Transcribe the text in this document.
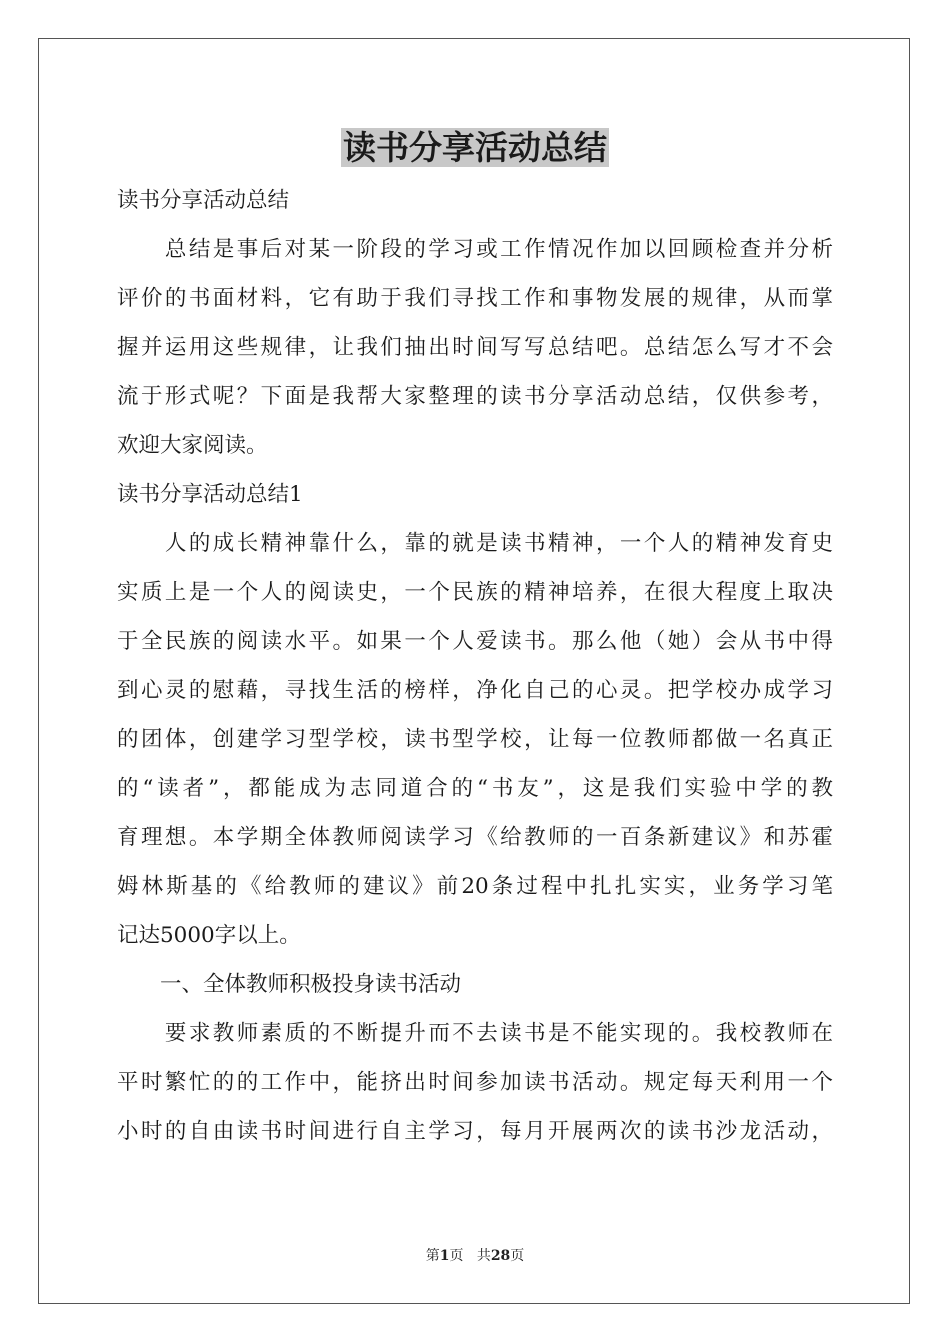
读书分享活动总结
读书分享活动总结
　　总结是事后对某一阶段的学习或工作情况作加以回顾检查并分析
评价的书面材料，它有助于我们寻找工作和事物发展的规律，从而掌
握并运用这些规律，让我们抽出时间写写总结吧。总结怎么写才不会
流于形式呢？下面是我帮大家整理的读书分享活动总结，仅供参考，
欢迎大家阅读。
读书分享活动总结1
　　人的成长精神靠什么，靠的就是读书精神，一个人的精神发育史
实质上是一个人的阅读史，一个民族的精神培养，在很大程度上取决
于全民族的阅读水平。如果一个人爱读书。那么他（她）会从书中得
到心灵的慰藉，寻找生活的榜样，净化自己的心灵。把学校办成学习
的团体，创建学习型学校，读书型学校，让每一位教师都做一名真正
的“读者”，都能成为志同道合的“书友”，这是我们实验中学的教
育理想。本学期全体教师阅读学习《给教师的一百条新建议》和苏霍
姆林斯基的《给教师的建议》前20条过程中扎扎实实，业务学习笔
记达5000字以上。
　　一、全体教师积极投身读书活动
　　要求教师素质的不断提升而不去读书是不能实现的。我校教师在
平时繁忙的的工作中，能挤出时间参加读书活动。规定每天利用一个
小时的自由读书时间进行自主学习，每月开展两次的读书沙龙活动，
第1页 共28页
